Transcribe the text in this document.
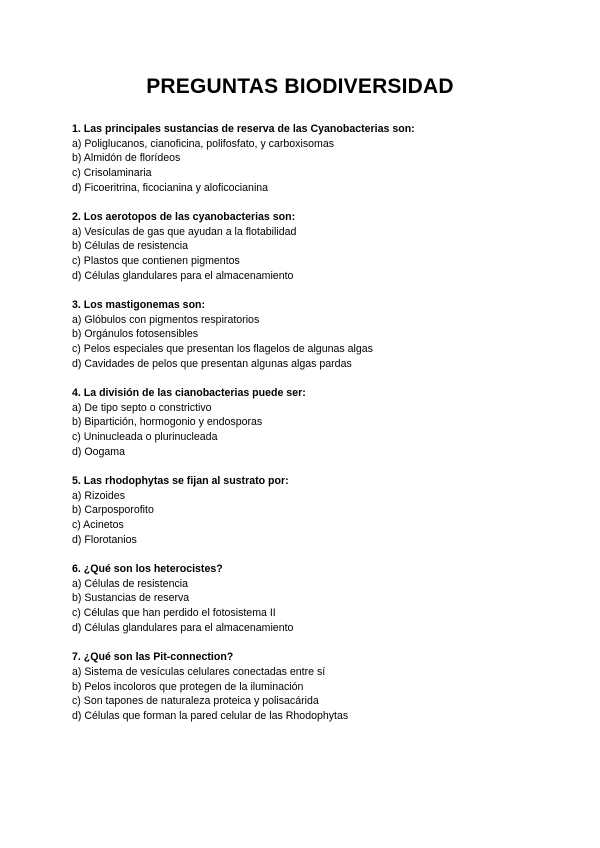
PREGUNTAS BIODIVERSIDAD
1. Las principales sustancias de reserva de las Cyanobacterias son:
a) Poliglucanos, cianoficina, polifosfato, y carboxisomas
b) Almidón de florídeos
c) Crisolaminaria
d) Ficoeritrina, ficocianina y aloficocianina
2. Los aerotopos de las cyanobacterias son:
a) Vesículas de gas que ayudan a la flotabilidad
b) Células de resistencia
c) Plastos que contienen pigmentos
d) Células glandulares para el almacenamiento
3. Los mastigonemas son:
a) Glóbulos con pigmentos respiratorios
b) Orgánulos fotosensibles
c) Pelos especiales que presentan los flagelos de algunas algas
d) Cavidades de pelos que presentan algunas algas pardas
4. La división de las cianobacterias puede ser:
a) De tipo septo o constrictivo
b) Bipartición, hormogonio y endosporas
c) Uninucleada o plurinucleada
d) Oogama
5. Las rhodophytas se fijan al sustrato por:
a) Rizoides
b) Carposporofito
c) Acinetos
d) Florotanios
6. ¿Qué son los heterocistes?
a) Células de resistencia
b) Sustancias de reserva
c) Células que han perdido el fotosistema II
d) Células glandulares para el almacenamiento
7. ¿Qué son las Pit-connection?
a) Sistema de vesículas celulares conectadas entre sí
b) Pelos incoloros que protegen de la iluminación
c) Son tapones de naturaleza proteica y polisacárida
d) Células que forman la pared celular de las Rhodophytas
